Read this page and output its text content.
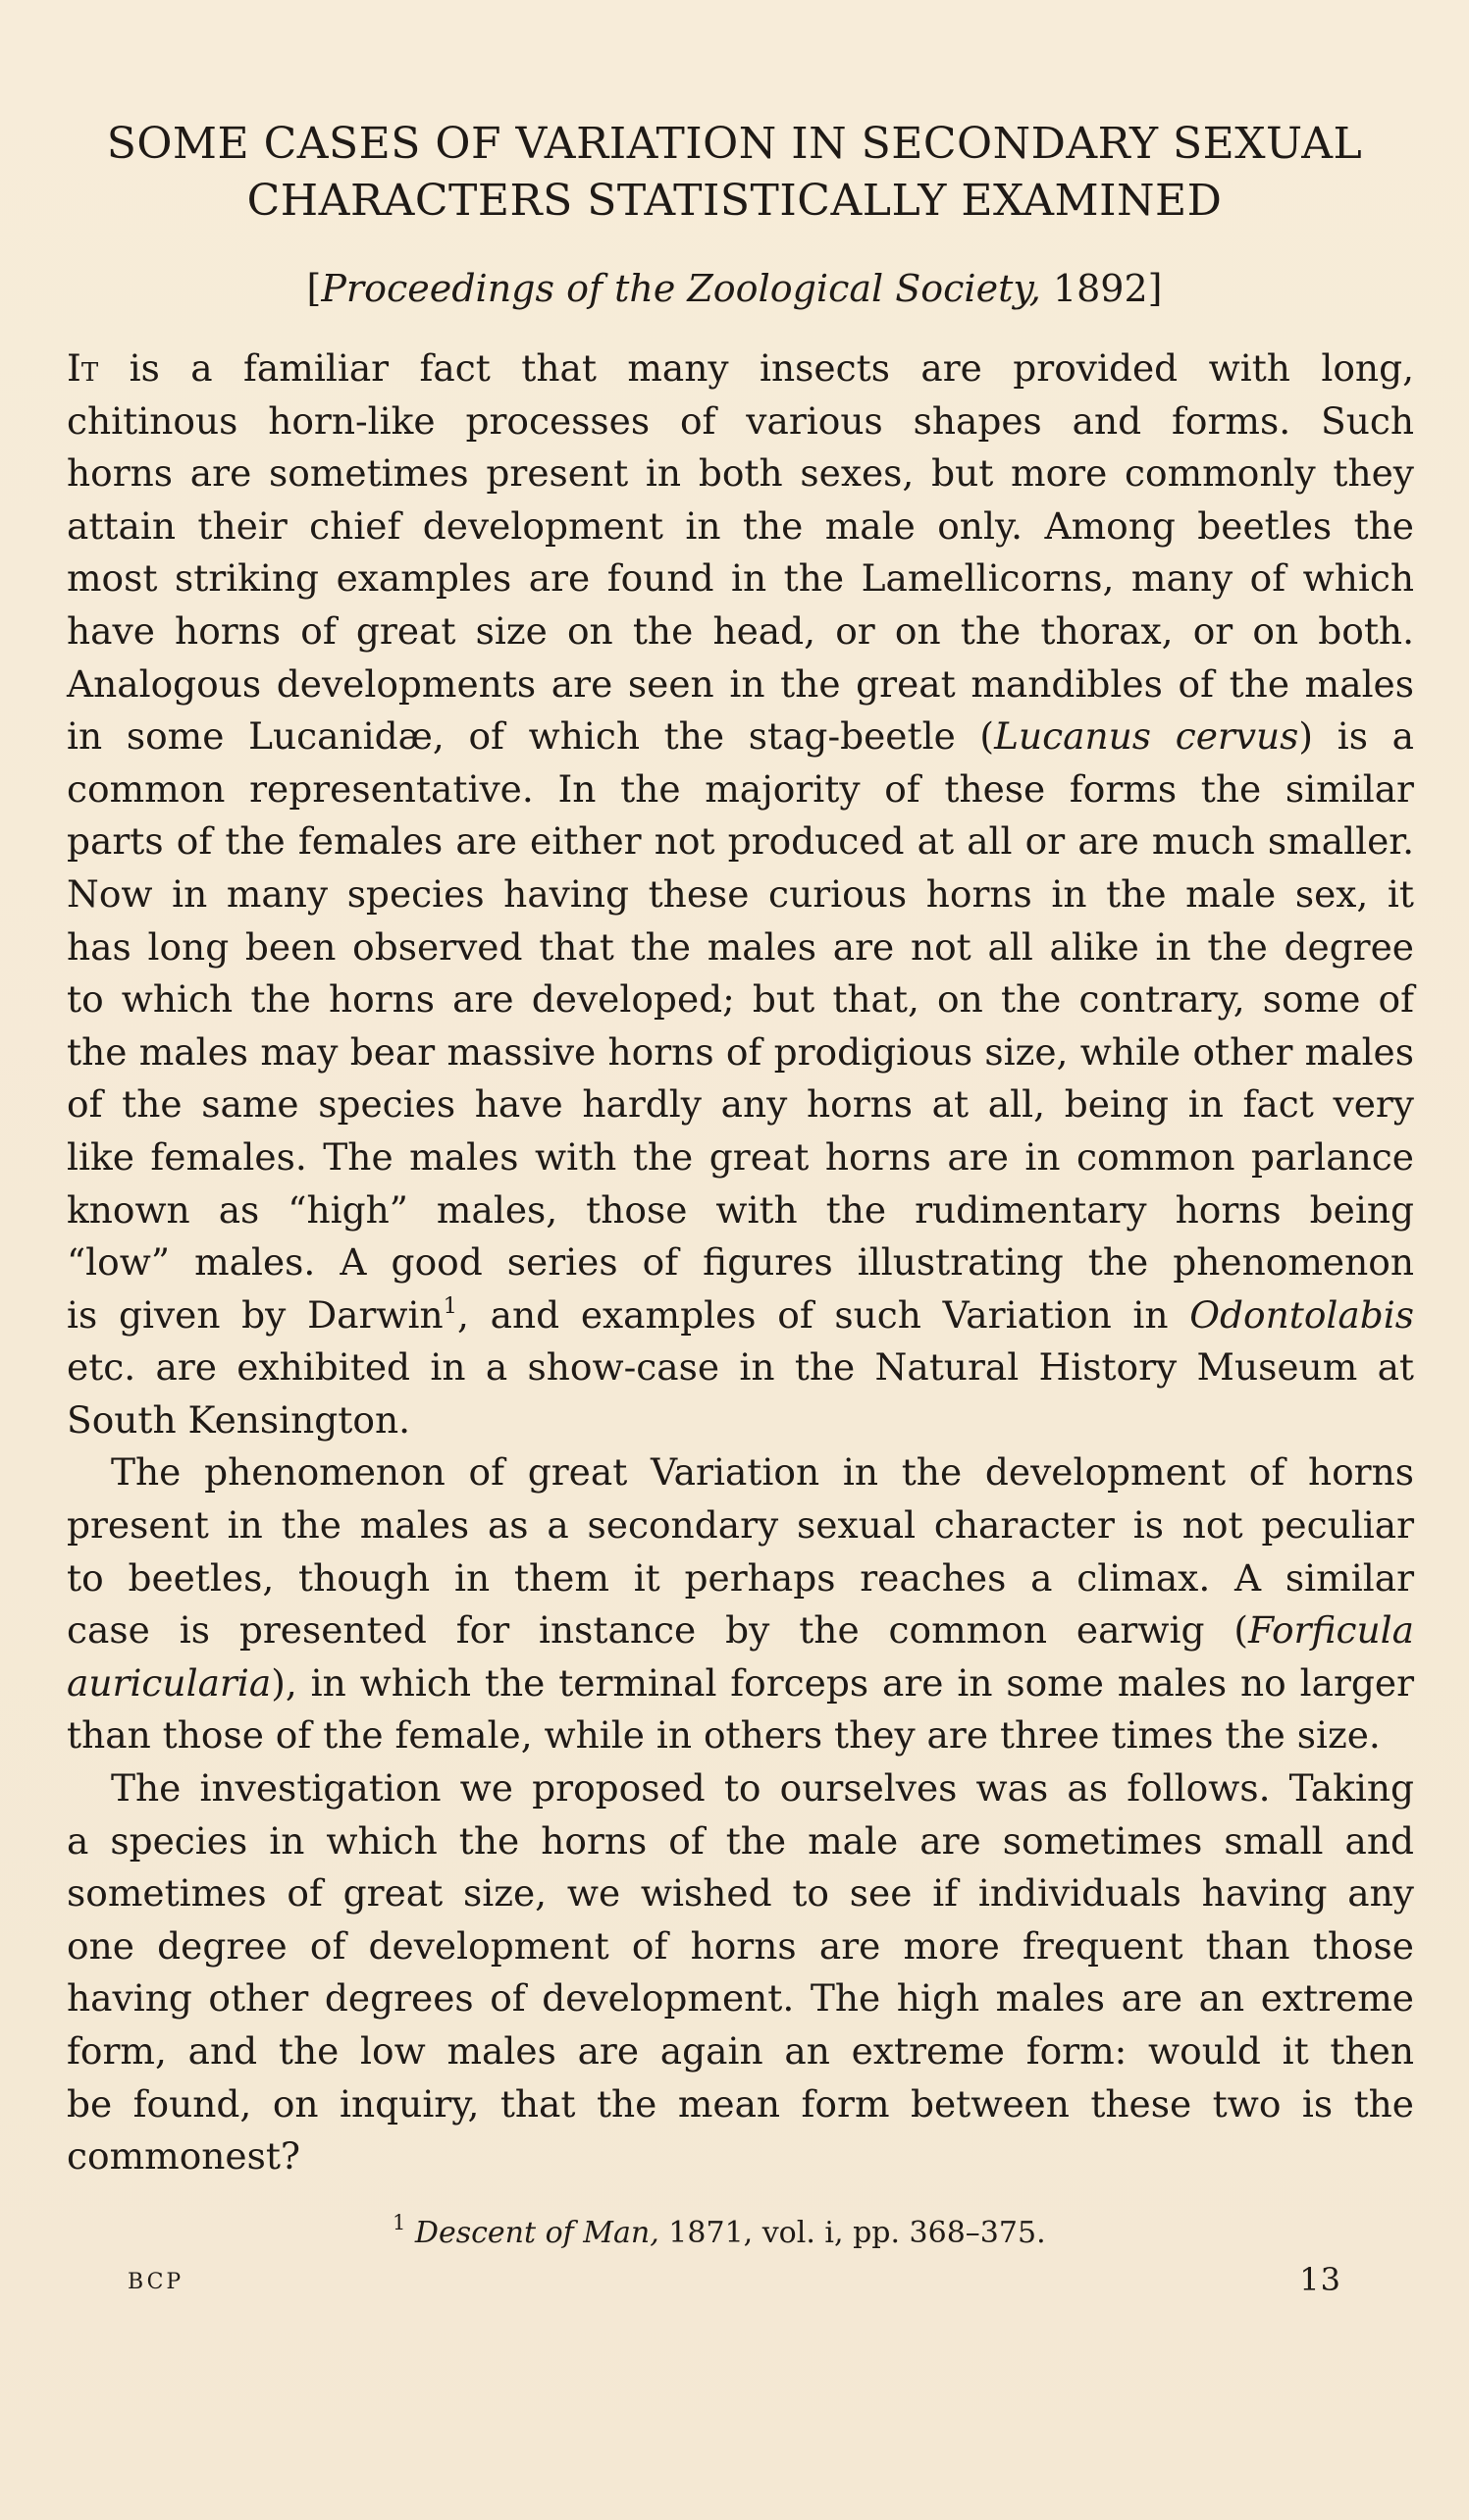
SOME CASES OF VARIATION IN SECONDARY SEXUAL
CHARACTERS STATISTICALLY EXAMINED
[Proceedings of the Zoological Society, 1892]
It is a familiar fact that many insects are provided with long,
chitinous horn-like processes of various shapes and forms. Such
horns are sometimes present in both sexes, but more commonly they
attain their chief development in the male only. Among beetles the
most striking examples are found in the Lamellicorns, many of which
have horns of great size on the head, or on the thorax, or on both.
Analogous developments are seen in the great mandibles of the males
in some Lucanidæ, of which the stag-beetle (Lucanus cervus) is a
common representative. In the majority of these forms the similar
parts of the females are either not produced at all or are much smaller.
Now in many species having these curious horns in the male sex, it
has long been observed that the males are not all alike in the degree
to which the horns are developed; but that, on the contrary, some of
the males may bear massive horns of prodigious size, while other males
of the same species have hardly any horns at all, being in fact very
like females. The males with the great horns are in common parlance
known as “high” males, those with the rudimentary horns being
“low” males. A good series of figures illustrating the phenomenon
is given by Darwin$^1$, and examples of such Variation in Odontolabis
etc. are exhibited in a show-case in the Natural History Museum at
South Kensington.
The phenomenon of great Variation in the development of horns
present in the males as a secondary sexual character is not peculiar
to beetles, though in them it perhaps reaches a climax. A similar
case is presented for instance by the common earwig (Forficula
auricularia), in which the terminal forceps are in some males no larger
than those of the female, while in others they are three times the size.
The investigation we proposed to ourselves was as follows. Taking
a species in which the horns of the male are sometimes small and
sometimes of great size, we wished to see if individuals having any
one degree of development of horns are more frequent than those
having other degrees of development. The high males are an extreme
form, and the low males are again an extreme form: would it then
be found, on inquiry, that the mean form between these two is the
commonest?
$^1$ Descent of Man, 1871, vol. i, pp. 368–375.
BCP	13
